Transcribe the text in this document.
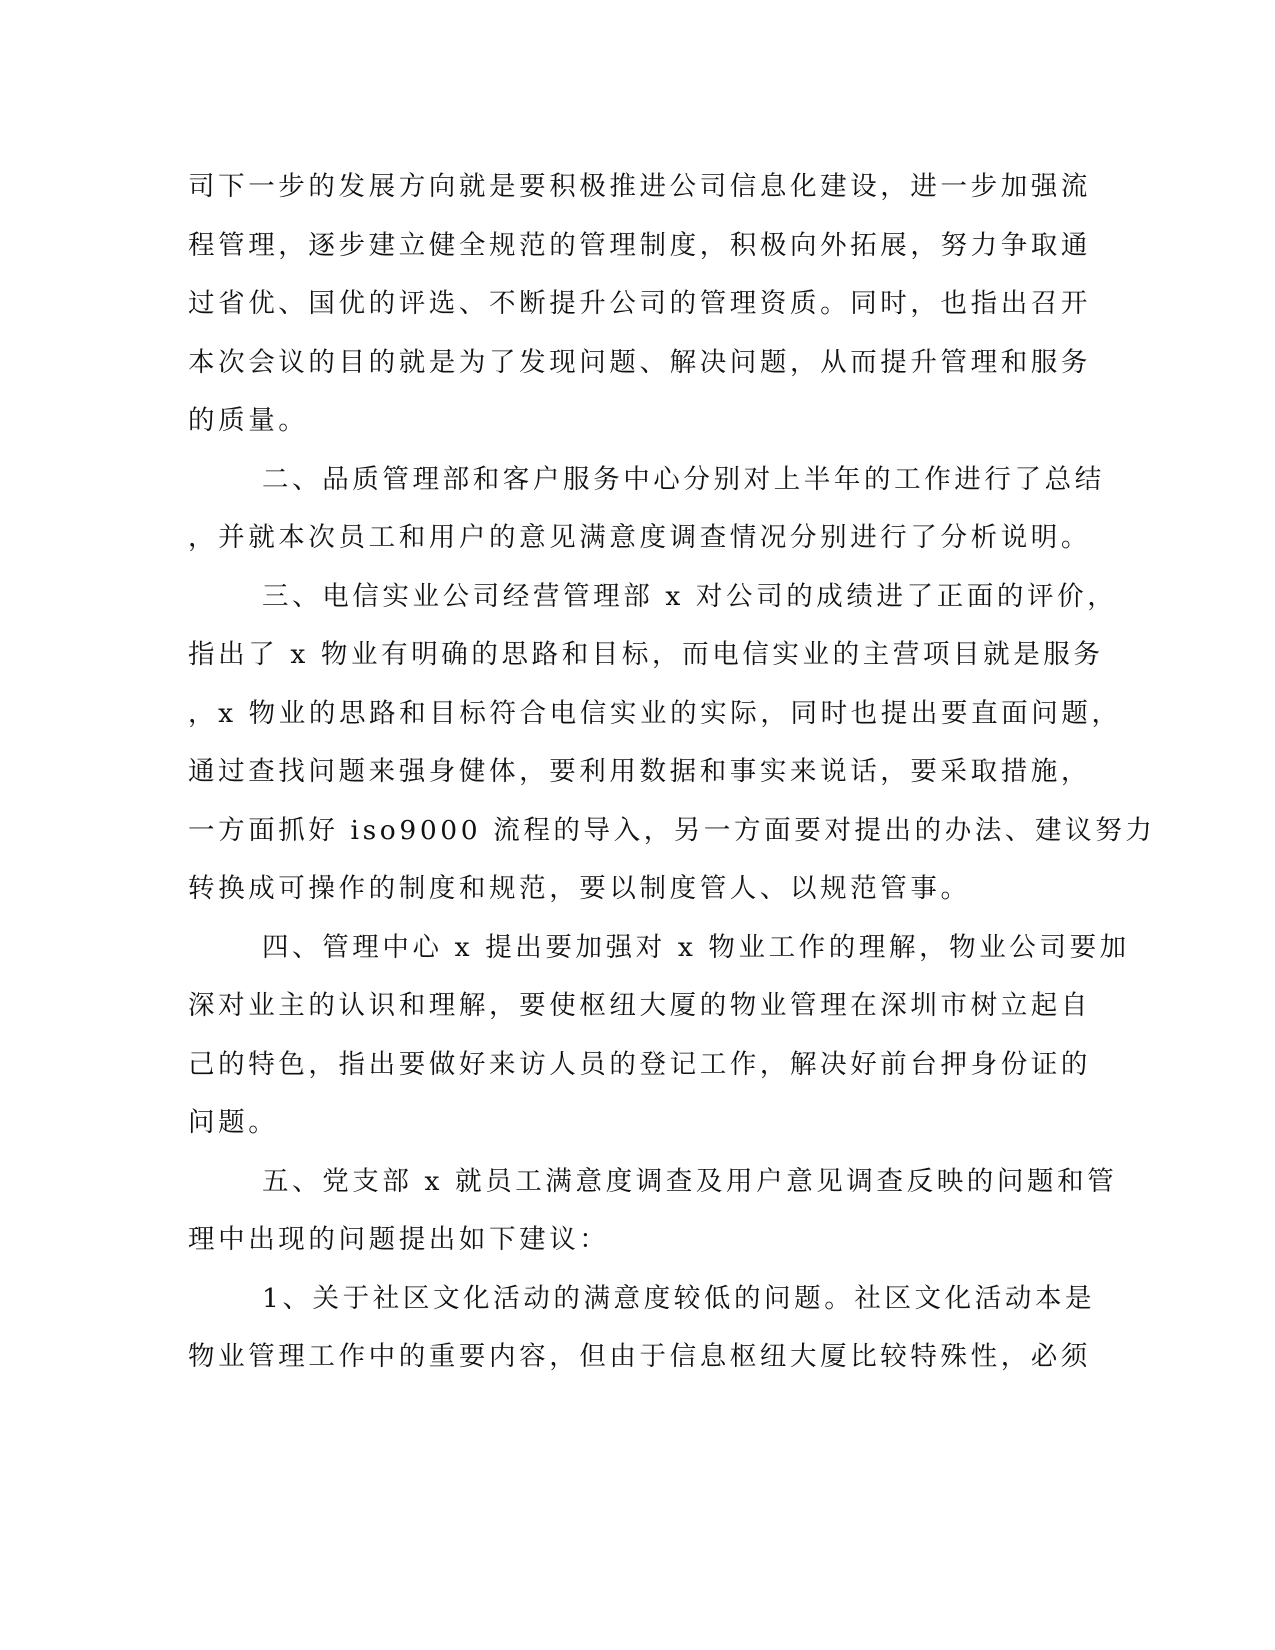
司下一步的发展方向就是要积极推进公司信息化建设，进一步加强流
程管理，逐步建立健全规范的管理制度，积极向外拓展，努力争取通
过省优、国优的评选、不断提升公司的管理资质。同时，也指出召开
本次会议的目的就是为了发现问题、解决问题，从而提升管理和服务
的质量。
二、品质管理部和客户服务中心分别对上半年的工作进行了总结
，并就本次员工和用户的意见满意度调查情况分别进行了分析说明。
三、电信实业公司经营管理部 x 对公司的成绩进了正面的评价，
指出了 x 物业有明确的思路和目标，而电信实业的主营项目就是服务
，x 物业的思路和目标符合电信实业的实际，同时也提出要直面问题，
通过查找问题来强身健体，要利用数据和事实来说话，要采取措施，
一方面抓好 iso9000 流程的导入，另一方面要对提出的办法、建议努力
转换成可操作的制度和规范，要以制度管人、以规范管事。
四、管理中心 x 提出要加强对 x 物业工作的理解，物业公司要加
深对业主的认识和理解，要使枢纽大厦的物业管理在深圳市树立起自
己的特色，指出要做好来访人员的登记工作，解决好前台押身份证的
问题。
五、党支部 x 就员工满意度调查及用户意见调查反映的问题和管
理中出现的问题提出如下建议：
1、关于社区文化活动的满意度较低的问题。社区文化活动本是
物业管理工作中的重要内容，但由于信息枢纽大厦比较特殊性，必须
